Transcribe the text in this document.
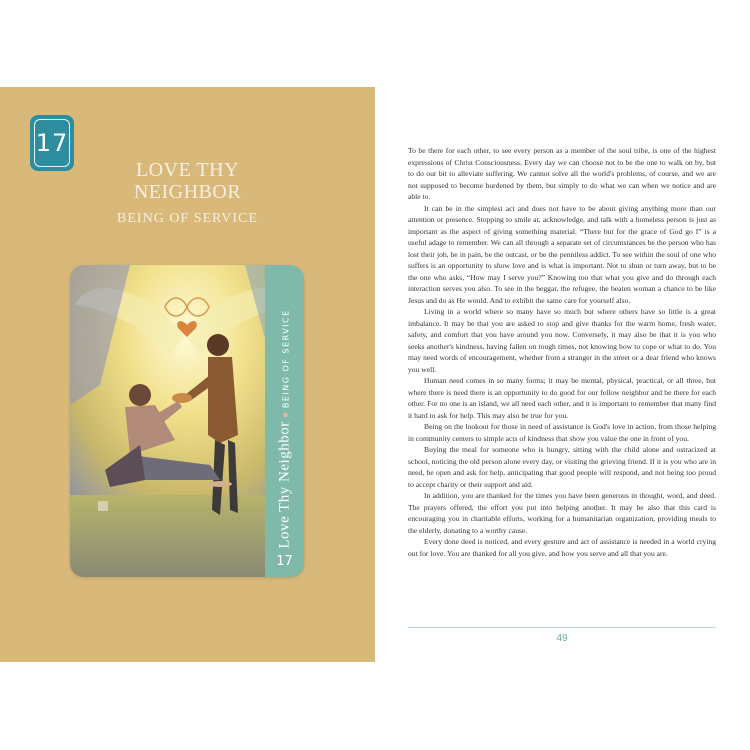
17
LOVE THY
NEIGHBOR
BEING OF SERVICE
Love Thy Neighbor●BEING OF SERVICE
17

To be there for each other, to see every person as a member of the soul tribe, is one of the highest expressions of Christ Consciousness. Every day we can choose not to be the one to walk on by, but to do our bit to alleviate suffering. We cannot solve all the world's problems, of course, and we are not supposed to become burdened by them, but simply to do what we can when we notice and are able to.

It can be in the simplest act and does not have to be about giving anything more than our attention or presence. Stopping to smile at, acknowledge, and talk with a homeless person is just as important as the aspect of giving something material. “There but for the grace of God go I” is a useful adage to remember. We can all through a separate set of circumstances be the person who has lost their job, be in pain, be the outcast, or be the penniless addict. To see within the soul of one who suffers is an opportunity to show love and is what is important. Not to shun or turn away, but to be the one who asks, “How may I serve you?” Knowing too that what you give and do through each interaction serves you also. To see in the beggar, the refugee, the beaten woman a chance to be like Jesus and do as He would. And to exhibit the same care for yourself also.

Living in a world where so many have so much but where others have so little is a great imbalance. It may be that you are asked to stop and give thanks for the warm home, fresh water, safety, and comfort that you have around you now. Conversely, it may also be that it is you who seeks another's kindness, having fallen on tough times, not knowing how to cope or what to do. You may need words of encouragement, whether from a stranger in the street or a dear friend who knows you well.

Human need comes in so many forms; it may be mental, physical, practical, or all three, but where there is need there is an opportunity to do good for our fellow neighbor and be there for each other. For no one is an island, we all need each other, and it is important to remember that many find it hard to ask for help. This may also be true for you.

Being on the lookout for those in need of assistance is God's love in action, from those helping in community centers to simple acts of kindness that show you value the one in front of you.

Buying the meal for someone who is hungry, sitting with the child alone and ostracized at school, noticing the old person alone every day, or visiting the grieving friend. If it is you who are in need, be open and ask for help, anticipating that good people will respond, and not being too proud to accept charity or their support and aid.

In addition, you are thanked for the times you have been generous in thought, word, and deed. The prayers offered, the effort you put into helping another. It may be also that this card is encouraging you in charitable efforts, working for a humanitarian organization, providing meals to the elderly, donating to a worthy cause.

Every done deed is noticed, and every gesture and act of assistance is needed in a world crying out for love. You are thanked for all you give, and how you serve and all that you are.

49
